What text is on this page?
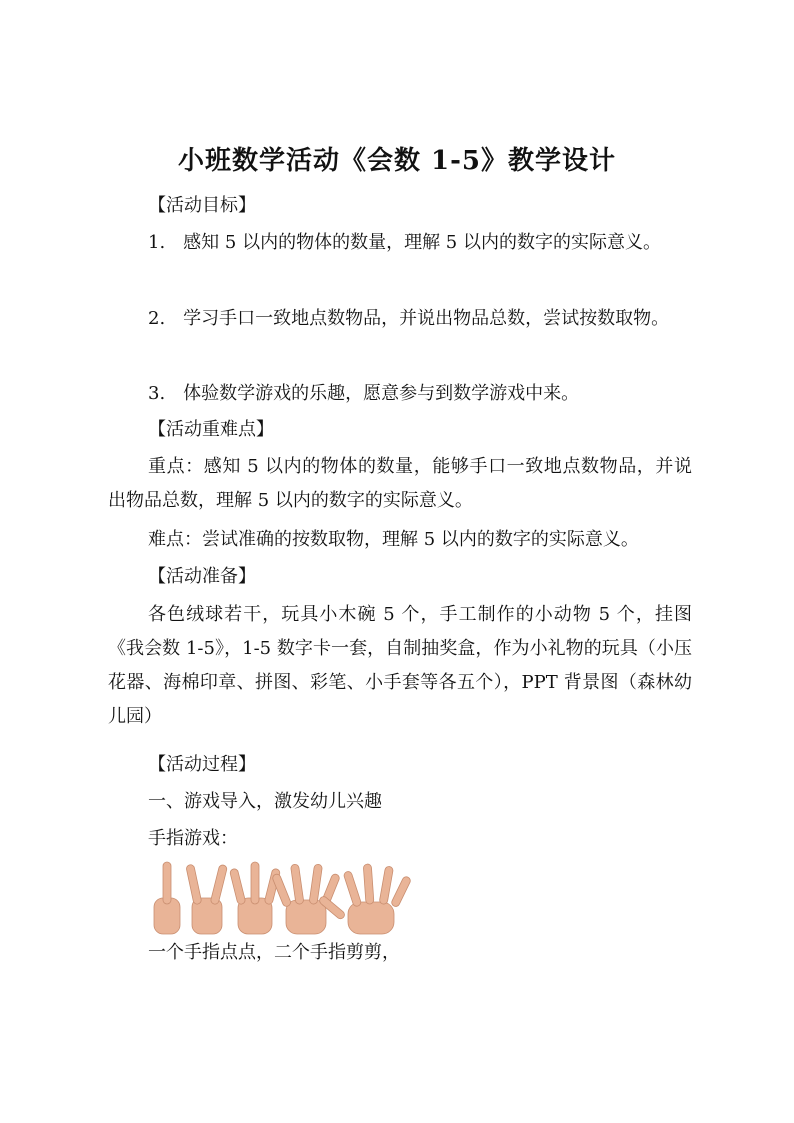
小班数学活动《会数 1-5》教学设计
【活动目标】
1.　感知 5 以内的物体的数量，理解 5 以内的数字的实际意义。
2.　学习手口一致地点数物品，并说出物品总数，尝试按数取物。
3.　体验数学游戏的乐趣，愿意参与到数学游戏中来。
【活动重难点】
重点：感知 5 以内的物体的数量，能够手口一致地点数物品，并说出物品总数，理解 5 以内的数字的实际意义。
难点：尝试准确的按数取物，理解 5 以内的数字的实际意义。
【活动准备】
各色绒球若干，玩具小木碗 5 个，手工制作的小动物 5 个，挂图《我会数 1-5》，1-5 数字卡一套，自制抽奖盒，作为小礼物的玩具（小压花器、海棉印章、拼图、彩笔、小手套等各五个），PPT 背景图（森林幼儿园）
【活动过程】
一、游戏导入，激发幼儿兴趣
手指游戏：
一个手指点点，二个手指剪剪，
